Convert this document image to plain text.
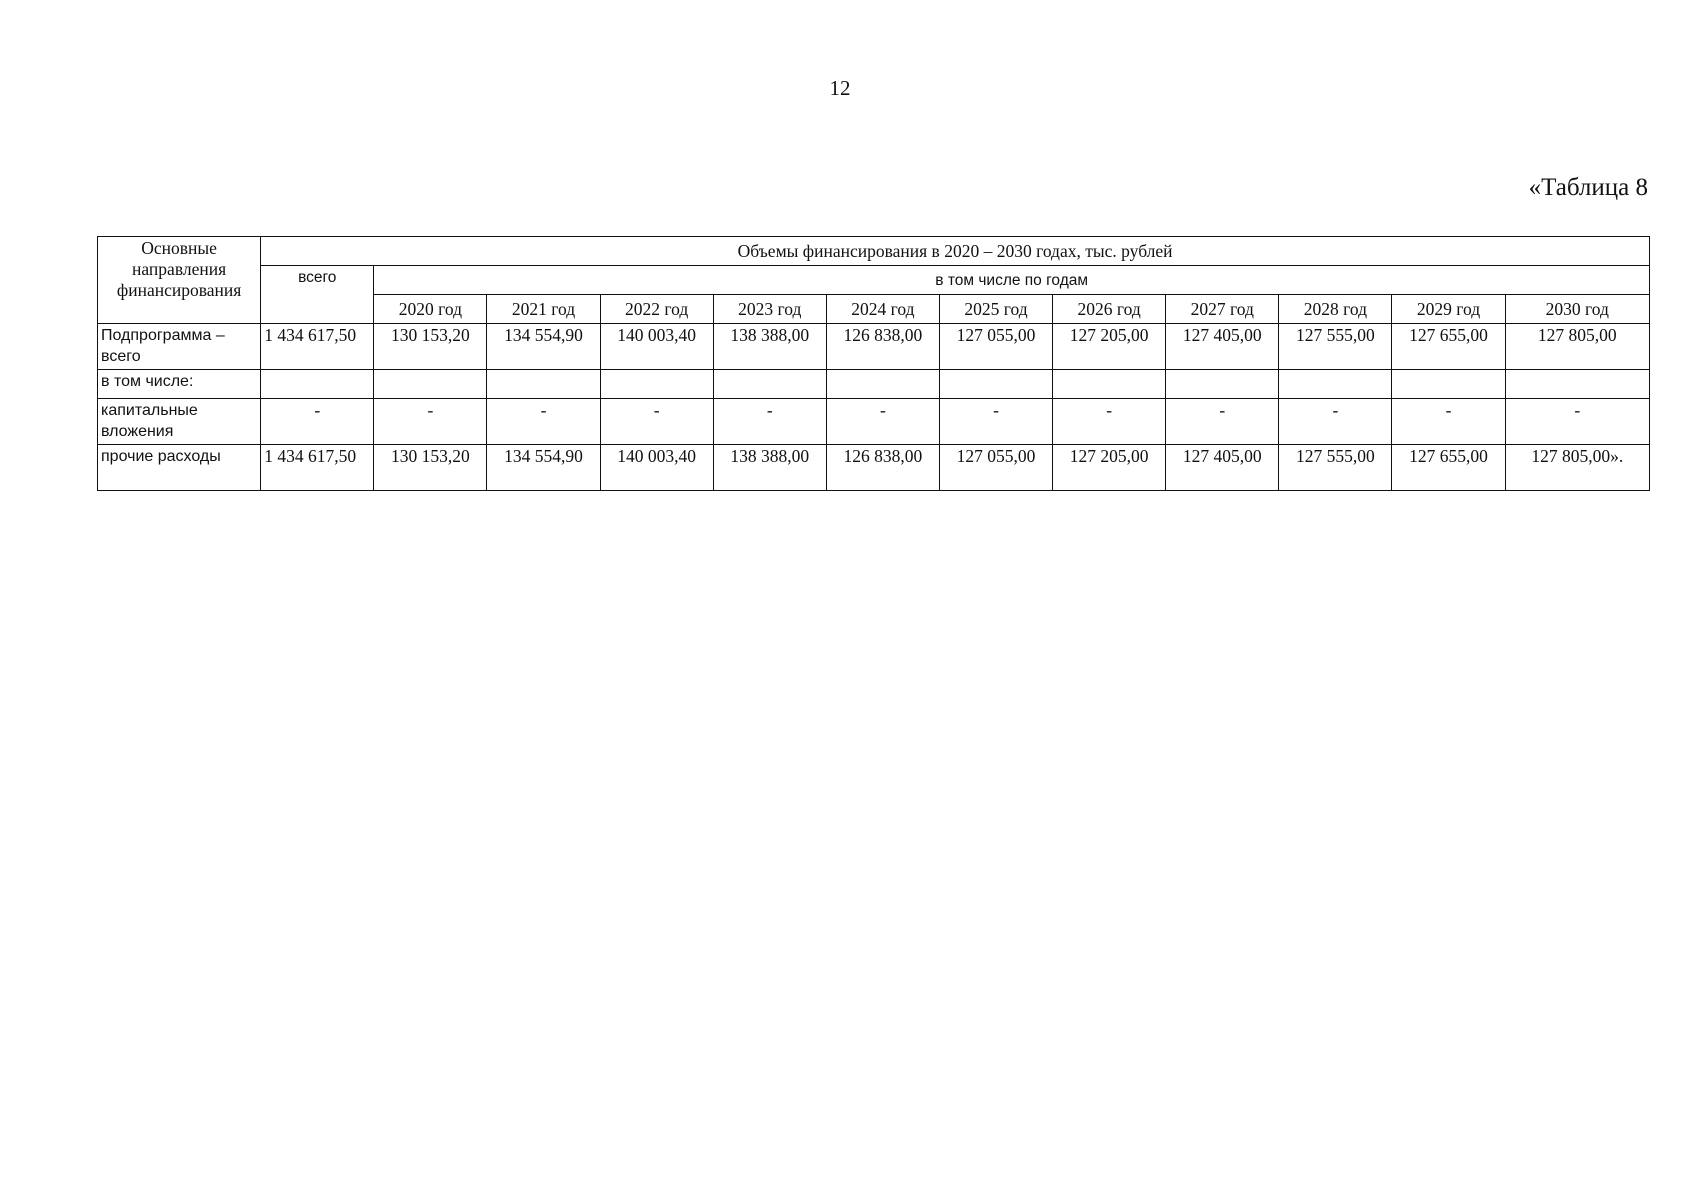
12
«Таблица 8
Основные направления финансирования	Объемы финансирования в 2020 – 2030 годах, тыс. рублей											
	всего	в том числе по годам										
		2020 год	2021 год	2022 год	2023 год	2024 год	2025 год	2026 год	2027 год	2028 год	2029 год	2030 год
Подпрограмма – всего	1 434 617,50	130 153,20	134 554,90	140 003,40	138 388,00	126 838,00	127 055,00	127 205,00	127 405,00	127 555,00	127 655,00	127 805,00
в том числе:												
капитальные вложения	-	-	-	-	-	-	-	-	-	-	-	-
прочие расходы	1 434 617,50	130 153,20	134 554,90	140 003,40	138 388,00	126 838,00	127 055,00	127 205,00	127 405,00	127 555,00	127 655,00	127 805,00».
